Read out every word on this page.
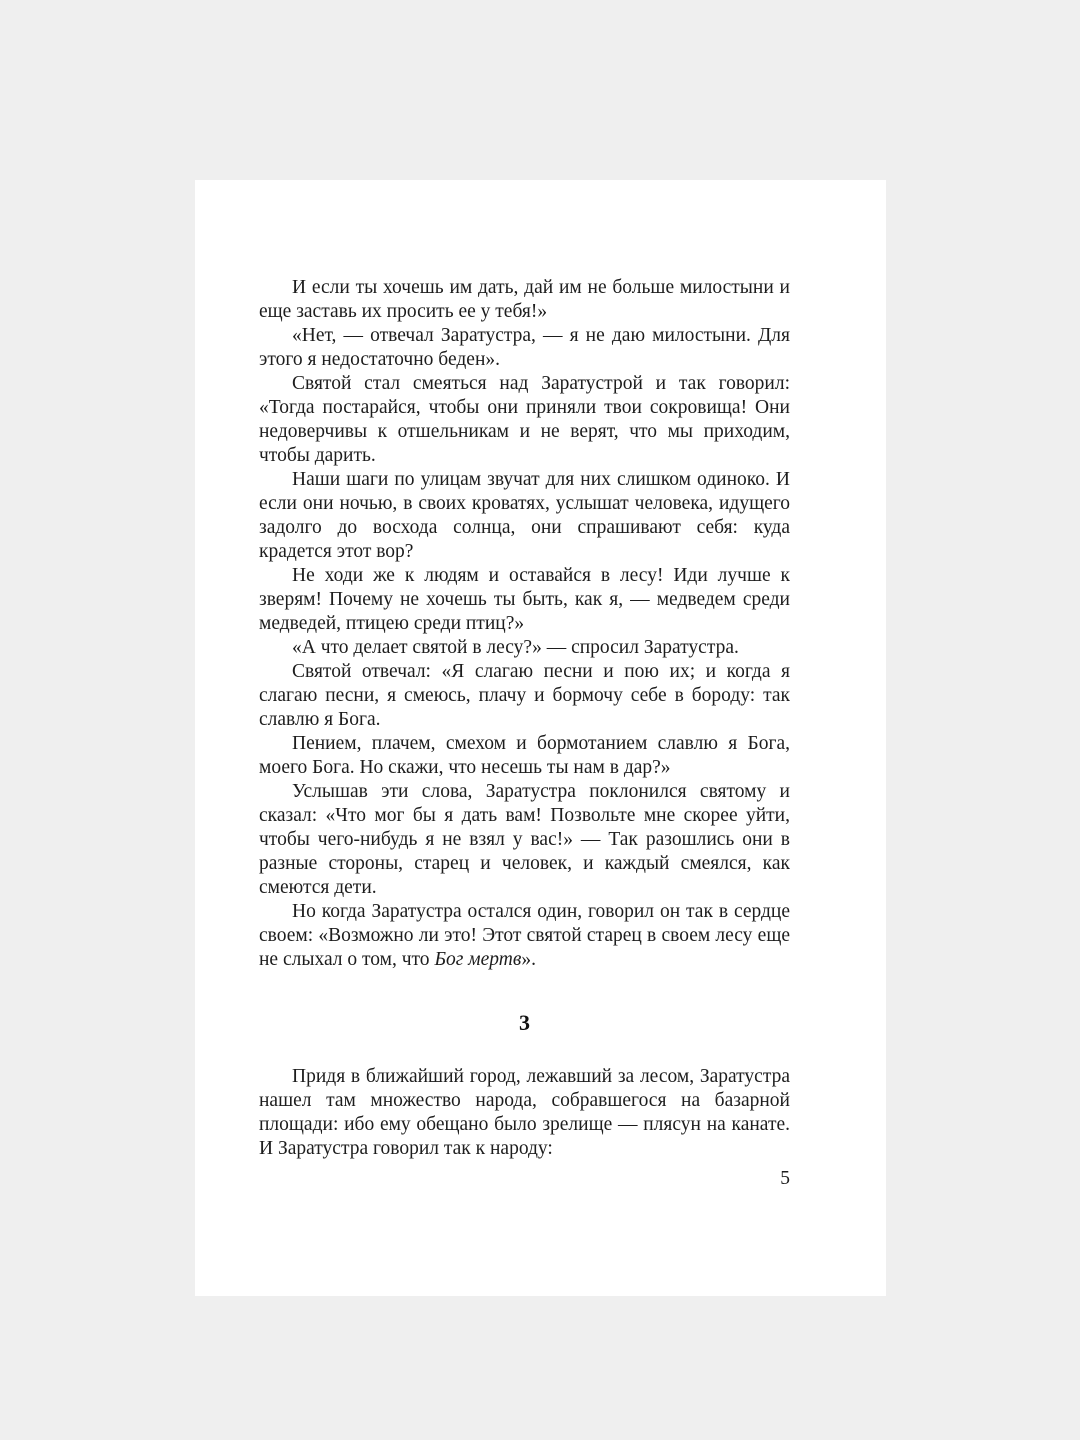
И если ты хочешь им дать, дай им не больше милостыни и еще заставь их просить ее у тебя!»

«Нет, — отвечал Заратустра, — я не даю милостыни. Для этого я недостаточно беден».

Святой стал смеяться над Заратустрой и так говорил: «Тогда постарайся, чтобы они приняли твои сокровища! Они недоверчивы к отшельникам и не верят, что мы приходим, чтобы дарить.

Наши шаги по улицам звучат для них слишком одиноко. И если они ночью, в своих кроватях, услышат человека, идущего задолго до восхода солнца, они спрашивают себя: куда крадется этот вор?

Не ходи же к людям и оставайся в лесу! Иди лучше к зверям! Почему не хочешь ты быть, как я, — медведем среди медведей, птицею среди птиц?»

«А что делает святой в лесу?» — спросил Заратустра.

Святой отвечал: «Я слагаю песни и пою их; и когда я слагаю песни, я смеюсь, плачу и бормочу себе в бороду: так славлю я Бога.

Пением, плачем, смехом и бормотанием славлю я Бога, моего Бога. Но скажи, что несешь ты нам в дар?»

Услышав эти слова, Заратустра поклонился святому и сказал: «Что мог бы я дать вам! Позвольте мне скорее уйти, чтобы чего-нибудь я не взял у вас!» — Так разошлись они в разные стороны, старец и человек, и каждый смеялся, как смеются дети.

Но когда Заратустра остался один, говорил он так в сердце своем: «Возможно ли это! Этот святой старец в своем лесу еще не слыхал о том, что Бог мертв».

3

Придя в ближайший город, лежавший за лесом, Заратустра нашел там множество народа, собравшегося на базарной площади: ибо ему обещано было зрелище — плясун на канате. И Заратустра говорил так к народу:

5
